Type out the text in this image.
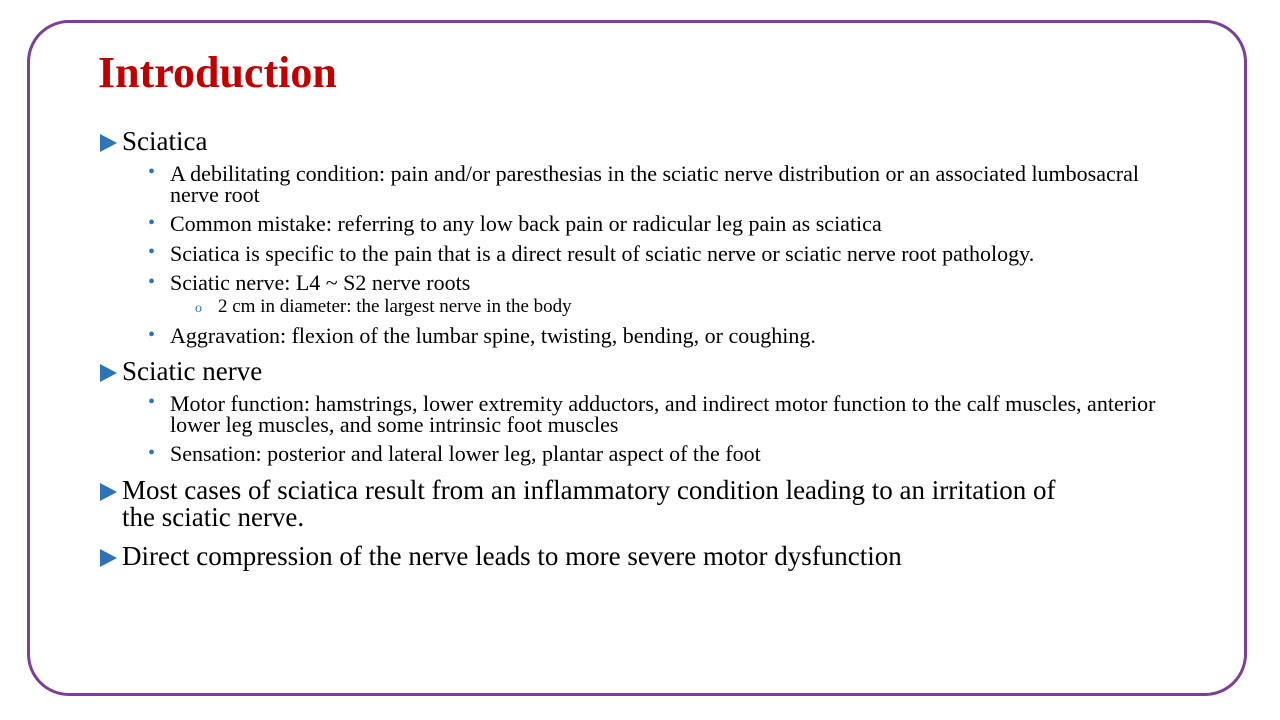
Introduction
Sciatica
• A debilitating condition: pain and/or paresthesias in the sciatic nerve distribution or an associated lumbosacral nerve root
• Common mistake: referring to any low back pain or radicular leg pain as sciatica
• Sciatica is specific to the pain that is a direct result of sciatic nerve or sciatic nerve root pathology.
• Sciatic nerve: L4 ~ S2 nerve roots
o 2 cm in diameter: the largest nerve in the body
• Aggravation: flexion of the lumbar spine, twisting, bending, or coughing.
Sciatic nerve
• Motor function: hamstrings, lower extremity adductors, and indirect motor function to the calf muscles, anterior lower leg muscles, and some intrinsic foot muscles
• Sensation: posterior and lateral lower leg, plantar aspect of the foot
Most cases of sciatica result from an inflammatory condition leading to an irritation of the sciatic nerve.
Direct compression of the nerve leads to more severe motor dysfunction
